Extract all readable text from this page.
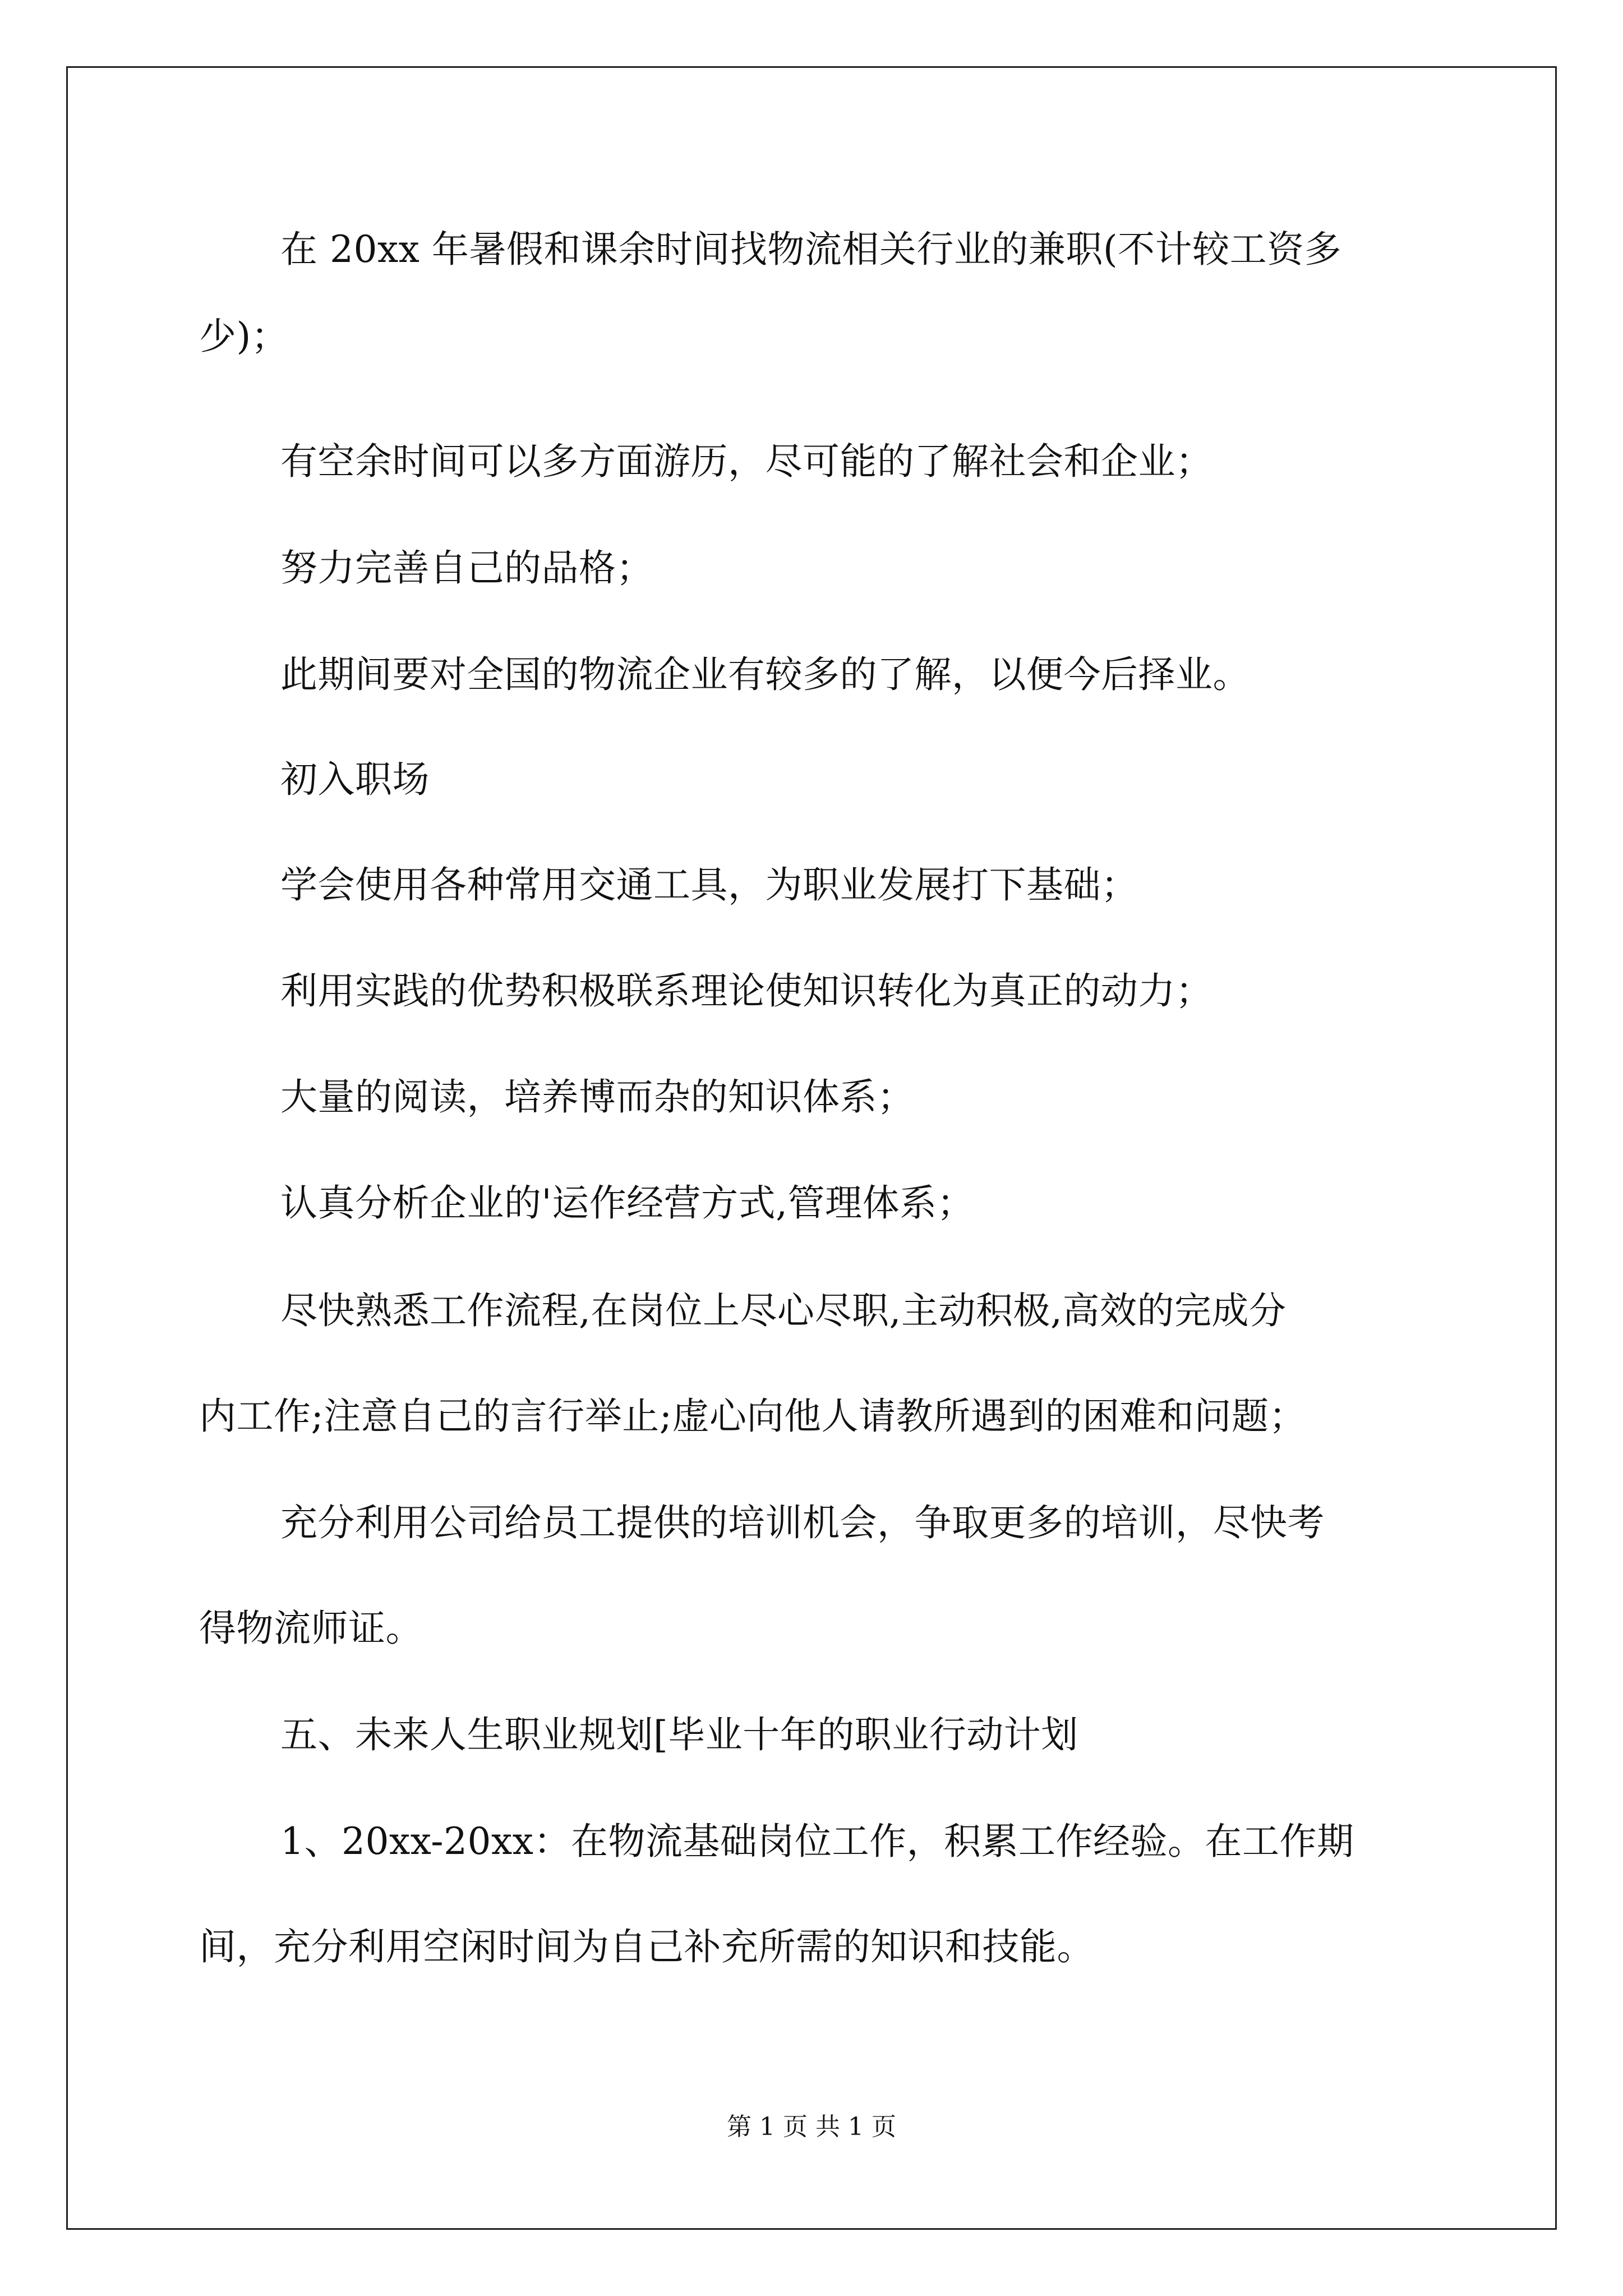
在 20xx 年暑假和课余时间找物流相关行业的兼职(不计较工资多
少)；
有空余时间可以多方面游历，尽可能的了解社会和企业；
努力完善自己的品格；
此期间要对全国的物流企业有较多的了解，以便今后择业。
初入职场
学会使用各种常用交通工具，为职业发展打下基础；
利用实践的优势积极联系理论使知识转化为真正的动力；
大量的阅读，培养博而杂的知识体系；
认真分析企业的'运作经营方式,管理体系；
尽快熟悉工作流程,在岗位上尽心尽职,主动积极,高效的完成分
内工作;注意自己的言行举止;虚心向他人请教所遇到的困难和问题；
充分利用公司给员工提供的培训机会，争取更多的培训，尽快考
得物流师证。
五、未来人生职业规划[毕业十年的职业行动计划
1、20xx-20xx：在物流基础岗位工作，积累工作经验。在工作期
间，充分利用空闲时间为自己补充所需的知识和技能。
第 1 页 共 1 页
